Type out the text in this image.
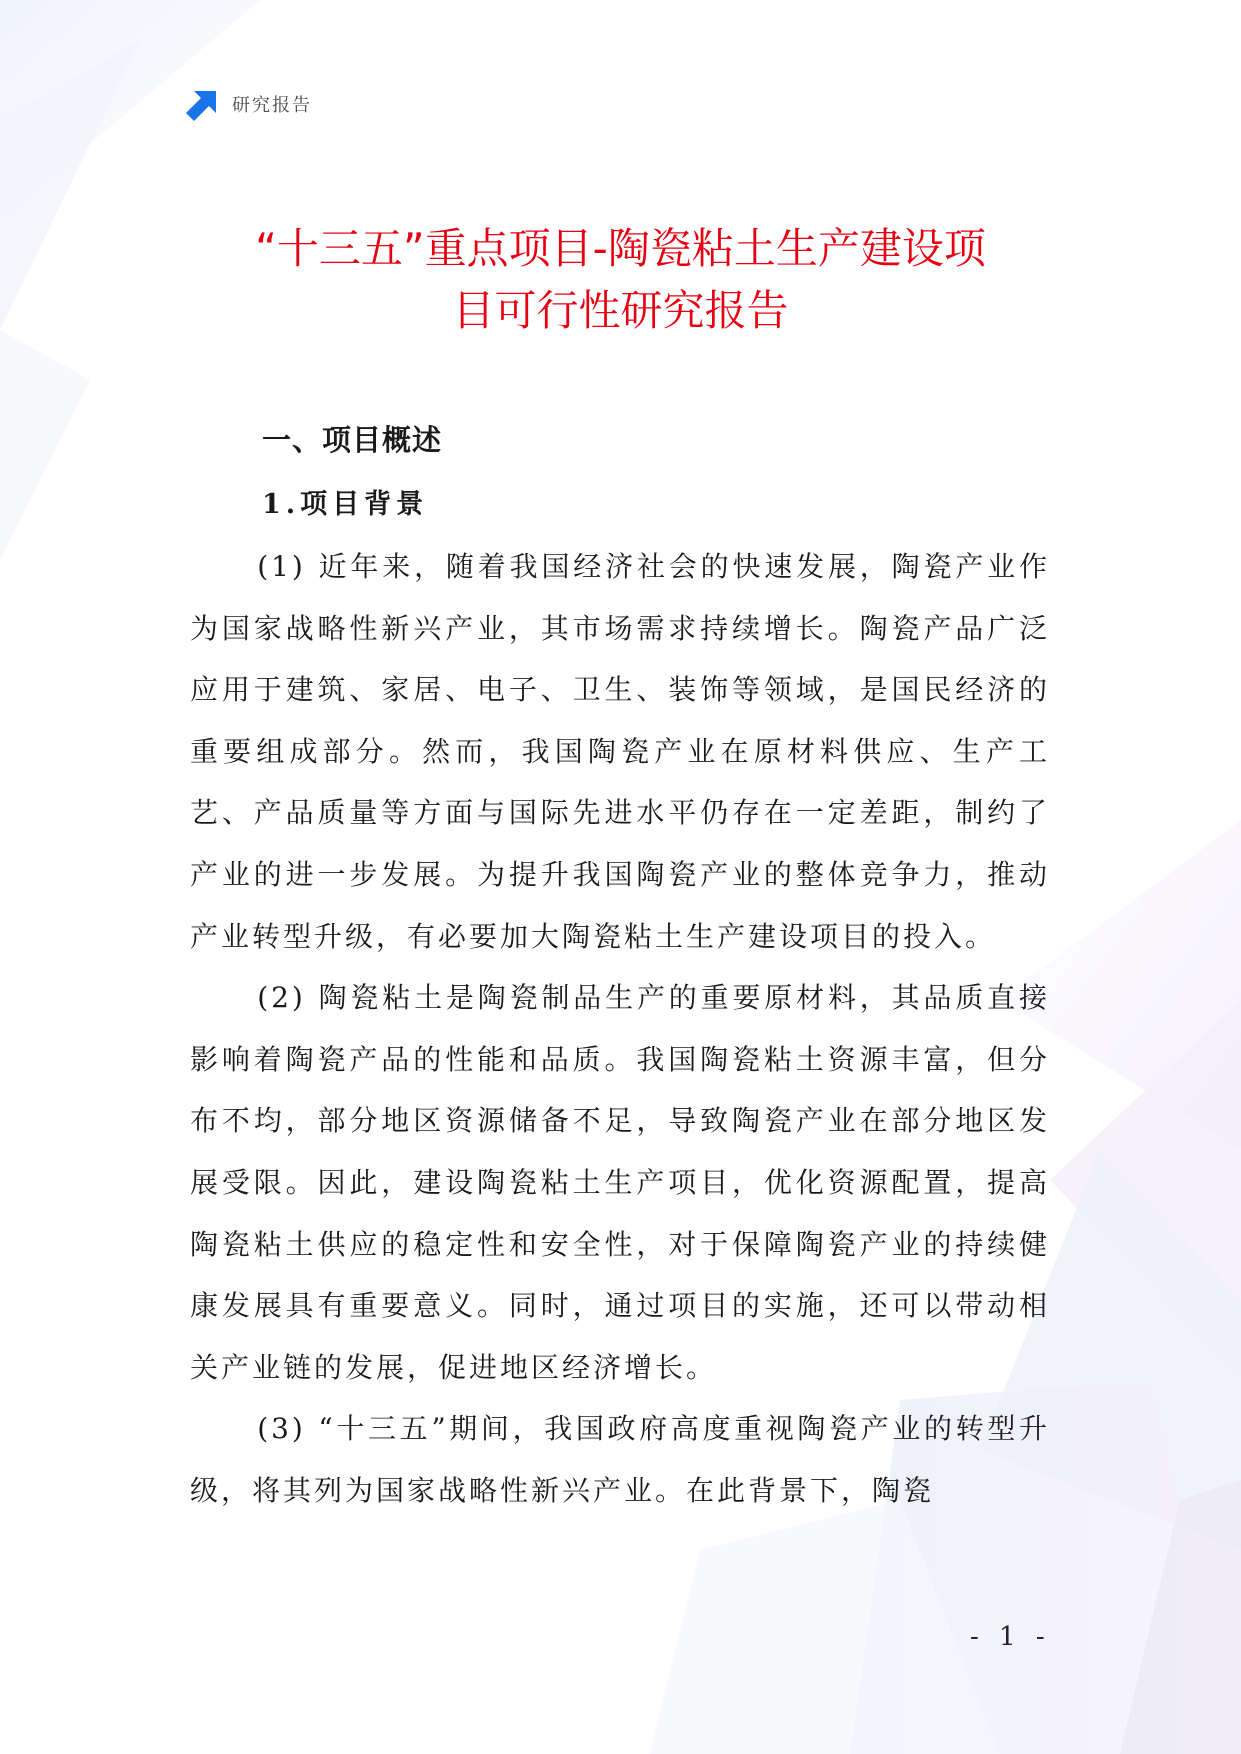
研究报告
“十三五”重点项目-陶瓷粘土生产建设项
目可行性研究报告
一、项目概述
1.项目背景

(1) 近年来，随着我国经济社会的快速发展，陶瓷产业作为国家战略性新兴产业，其市场需求持续增长。陶瓷产品广泛应用于建筑、家居、电子、卫生、装饰等领域，是国民经济的重要组成部分。然而，我国陶瓷产业在原材料供应、生产工艺、产品质量等方面与国际先进水平仍存在一定差距，制约了产业的进一步发展。为提升我国陶瓷产业的整体竞争力，推动产业转型升级，有必要加大陶瓷粘土生产建设项目的投入。

(2) 陶瓷粘土是陶瓷制品生产的重要原材料，其品质直接影响着陶瓷产品的性能和品质。我国陶瓷粘土资源丰富，但分布不均，部分地区资源储备不足，导致陶瓷产业在部分地区发展受限。因此，建设陶瓷粘土生产项目，优化资源配置，提高陶瓷粘土供应的稳定性和安全性，对于保障陶瓷产业的持续健康发展具有重要意义。同时，通过项目的实施，还可以带动相关产业链的发展，促进地区经济增长。

(3) “十三五”期间，我国政府高度重视陶瓷产业的转型升级，将其列为国家战略性新兴产业。在此背景下，陶瓷

- 1 -
